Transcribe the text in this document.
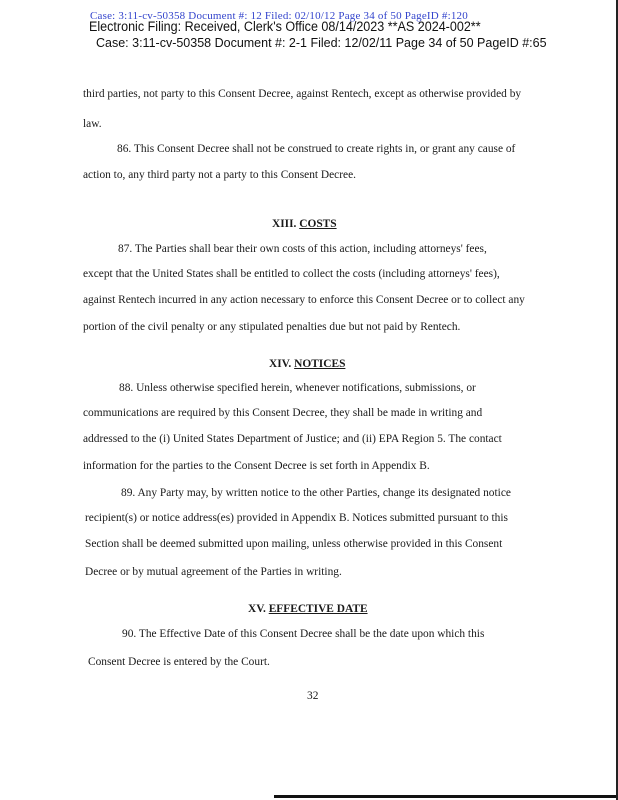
Case: 3:11-cv-50358 Document #: 12 Filed: 02/10/12 Page 34 of 50 PageID #:120
Electronic Filing: Received, Clerk's Office 08/14/2023 **AS 2024-002**
Case: 3:11-cv-50358 Document #: 2-1 Filed: 12/02/11 Page 34 of 50 PageID #:65
third parties, not party to this Consent Decree, against Rentech, except as otherwise provided by
law.
86. This Consent Decree shall not be construed to create rights in, or grant any cause of
action to, any third party not a party to this Consent Decree.
XIII. COSTS
87. The Parties shall bear their own costs of this action, including attorneys' fees,
except that the United States shall be entitled to collect the costs (including attorneys' fees),
against Rentech incurred in any action necessary to enforce this Consent Decree or to collect any
portion of the civil penalty or any stipulated penalties due but not paid by Rentech.
XIV. NOTICES
88. Unless otherwise specified herein, whenever notifications, submissions, or
communications are required by this Consent Decree, they shall be made in writing and
addressed to the (i) United States Department of Justice; and (ii) EPA Region 5. The contact
information for the parties to the Consent Decree is set forth in Appendix B.
89. Any Party may, by written notice to the other Parties, change its designated notice
recipient(s) or notice address(es) provided in Appendix B. Notices submitted pursuant to this
Section shall be deemed submitted upon mailing, unless otherwise provided in this Consent
Decree or by mutual agreement of the Parties in writing.
XV. EFFECTIVE DATE
90. The Effective Date of this Consent Decree shall be the date upon which this
Consent Decree is entered by the Court.
32
